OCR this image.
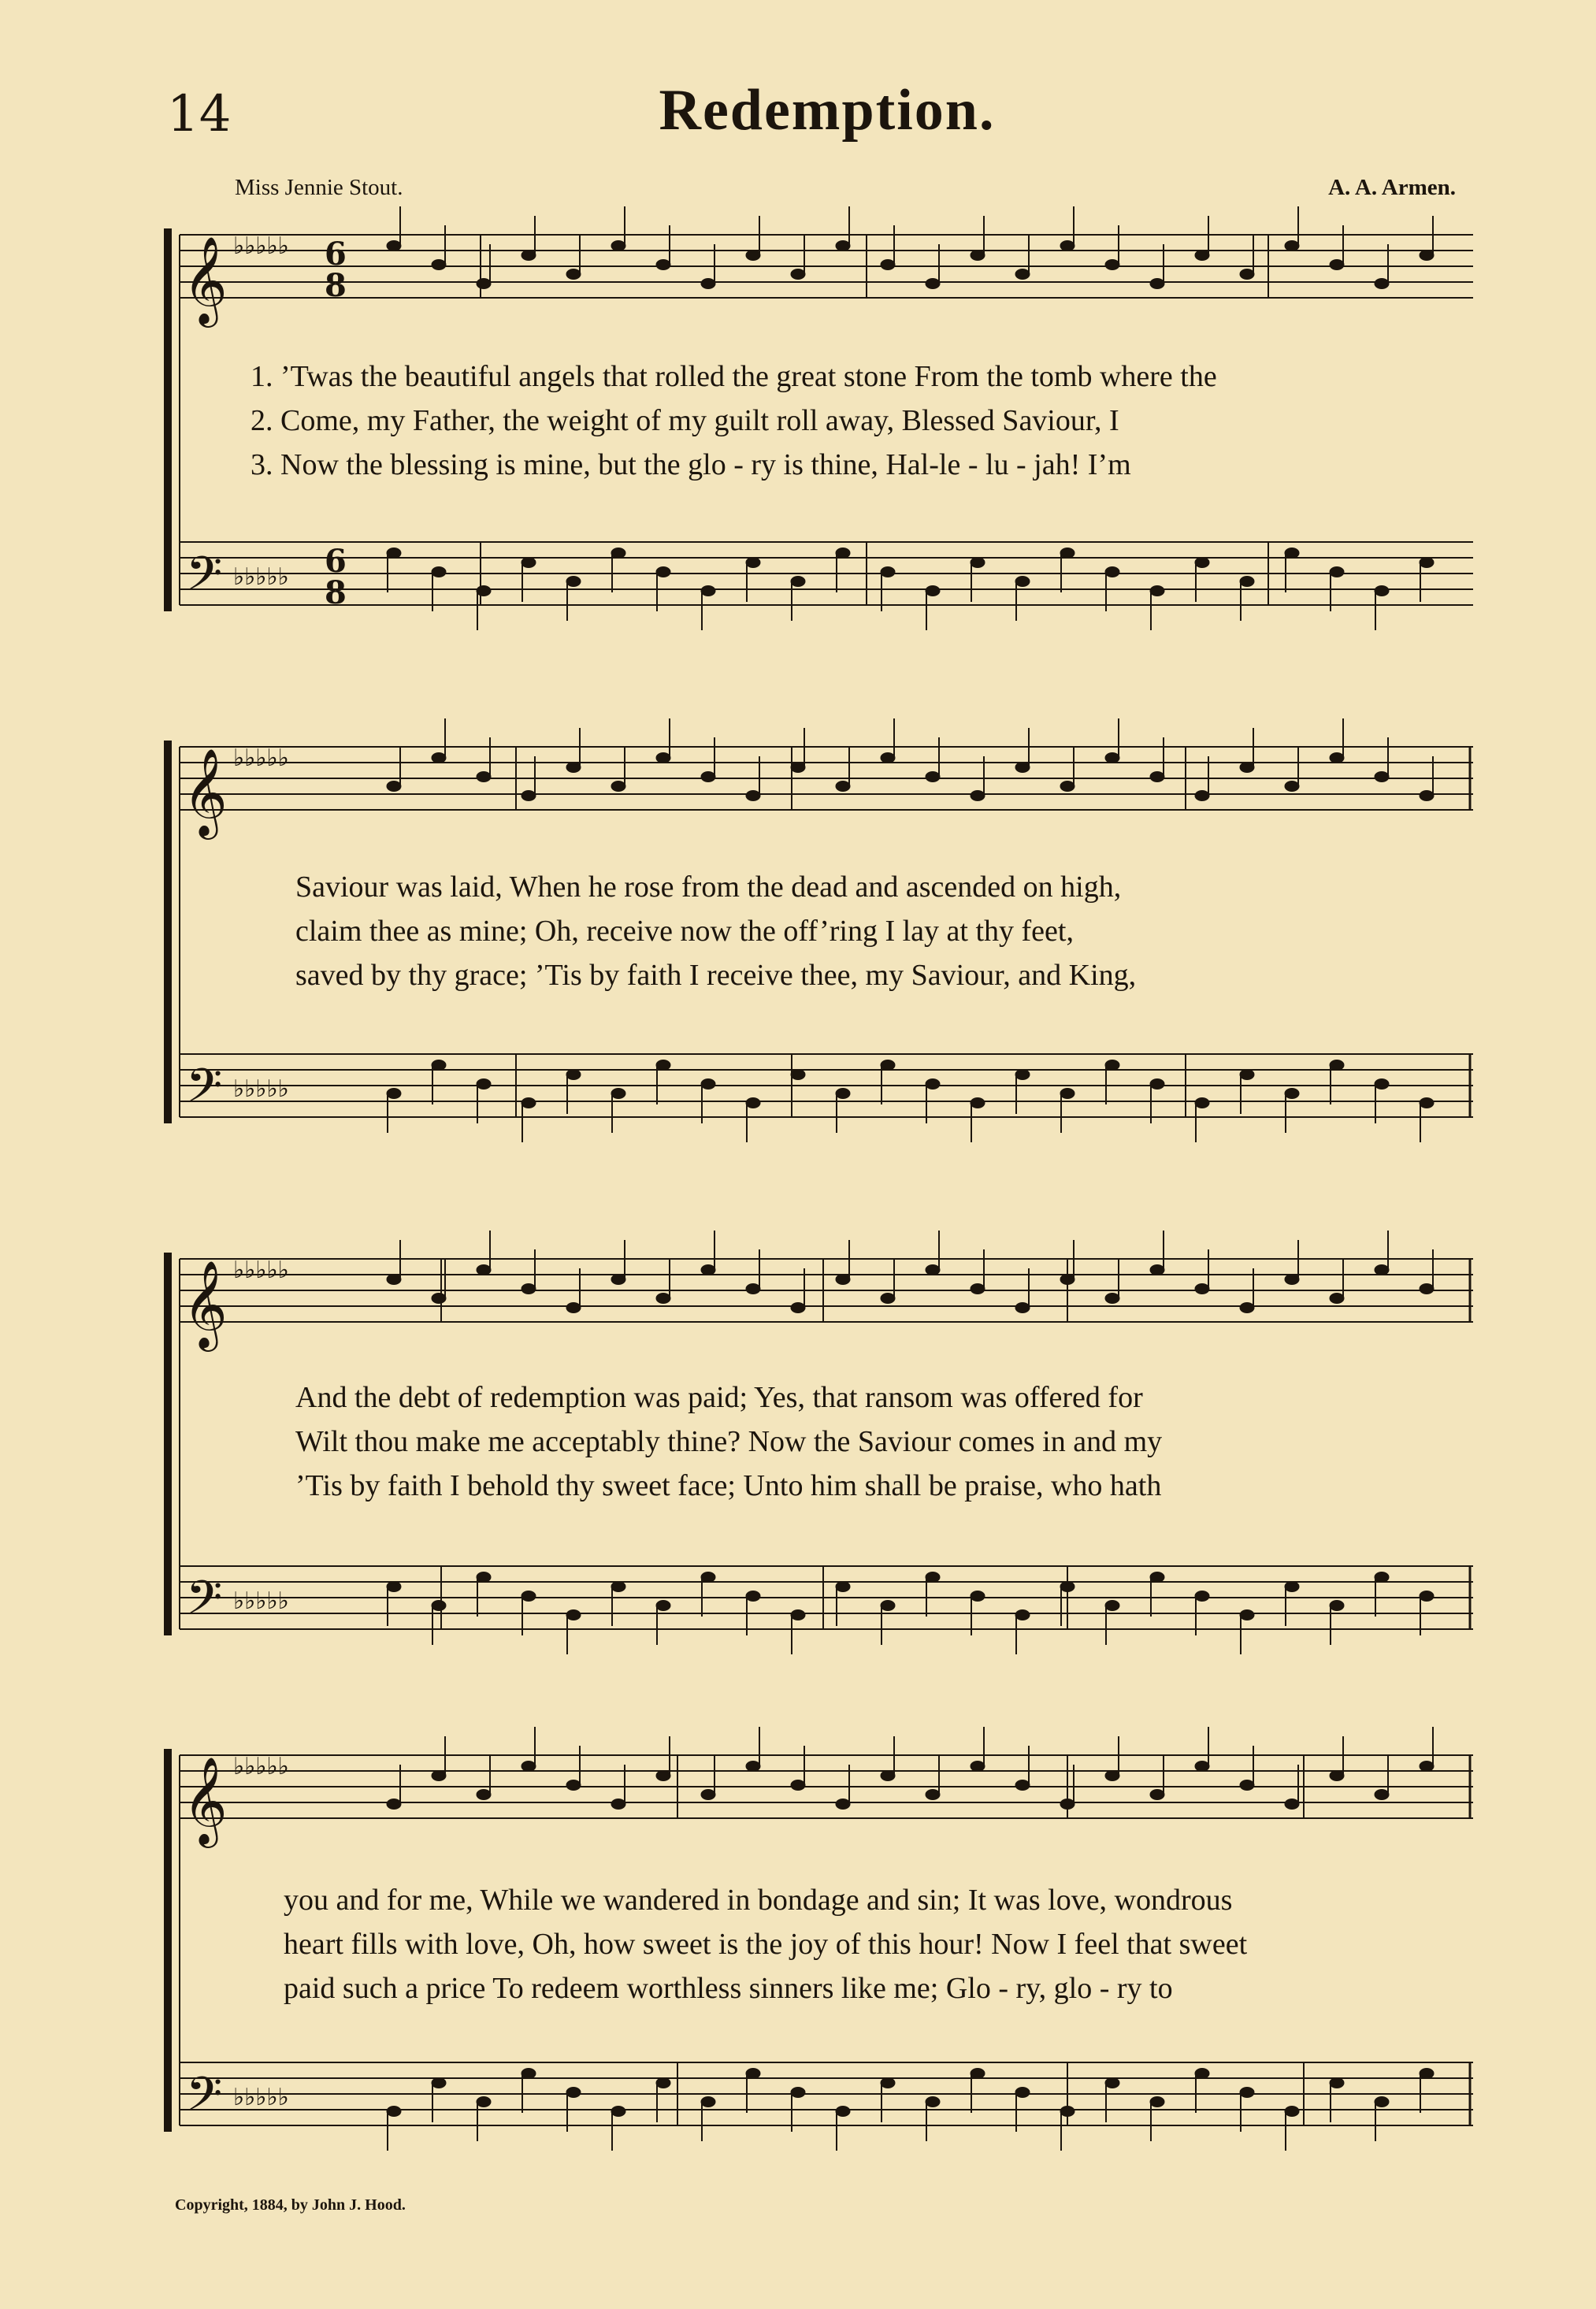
14	Redemption.
Miss Jennie Stout.	A. A. Armen.
𝄞
𝄢
𝄞
𝄢
𝄞
𝄢
𝄞
𝄢
♭♭♭♭♭
♭♭♭♭♭
♭♭♭♭♭
♭♭♭♭♭
♭♭♭♭♭
♭♭♭♭♭
♭♭♭♭♭
♭♭♭♭♭
6
8
6
8
1. ’Twas the beautiful angels that rolled the great stone From the tomb where the
2. Come, my Father, the weight of my guilt roll away, Blessed Saviour, I
3. Now the blessing is mine, but the glo - ry is thine, Hal-le - lu - jah! I’m
Saviour was laid, When he rose from the dead and ascended on high,
claim thee as mine; Oh, receive now the off’ring I lay at thy feet,
saved by thy grace; ’Tis by faith I receive thee, my Saviour, and King,
And the debt of redemption was paid; Yes, that ransom was offered for
Wilt thou make me acceptably thine? Now the Saviour comes in and my
’Tis by faith I behold thy sweet face; Unto him shall be praise, who hath
you and for me, While we wandered in bondage and sin; It was love, wondrous
heart fills with love, Oh, how sweet is the joy of this hour! Now I feel that sweet
paid such a price To redeem worthless sinners like me; Glo - ry, glo - ry to
Copyright, 1884, by John J. Hood.
